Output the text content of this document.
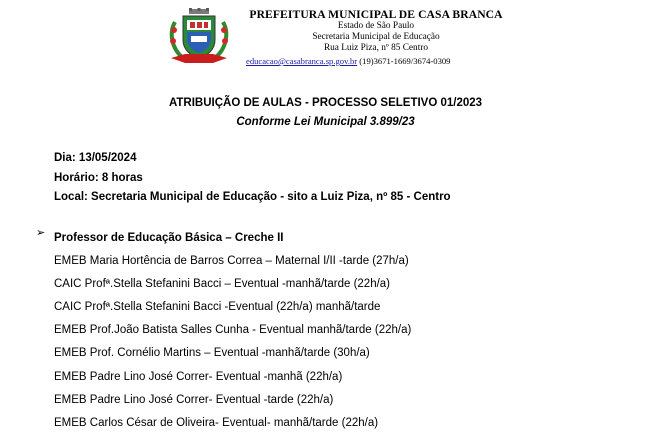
PREFEITURA MUNICIPAL DE CASA BRANCA
Estado de São Paulo
Secretaria Municipal de Educação
Rua Luiz Piza, nº 85 Centro
educacao@casabranca.sp.gov.br (19)3671-1669/3674-0309
ATRIBUIÇÃO DE AULAS - PROCESSO SELETIVO 01/2023
Conforme Lei Municipal 3.899/23
Dia: 13/05/2024
Horário: 8 horas
Local: Secretaria Municipal de Educação - sito a Luiz Piza, nº 85 - Centro
➢ Professor de Educação Básica – Creche II
EMEB Maria Hortência de Barros Correa – Maternal I/II -tarde (27h/a)
CAIC Profª.Stella Stefanini Bacci – Eventual -manhã/tarde (22h/a)
CAIC Profª.Stella Stefanini Bacci -Eventual (22h/a) manhã/tarde
EMEB Prof.João Batista Salles Cunha - Eventual manhã/tarde (22h/a)
EMEB Prof. Cornélio Martins – Eventual -manhã/tarde (30h/a)
EMEB Padre Lino José Correr- Eventual -manhã (22h/a)
EMEB Padre Lino José Correr- Eventual -tarde (22h/a)
EMEB Carlos César de Oliveira- Eventual- manhã/tarde (22h/a)
